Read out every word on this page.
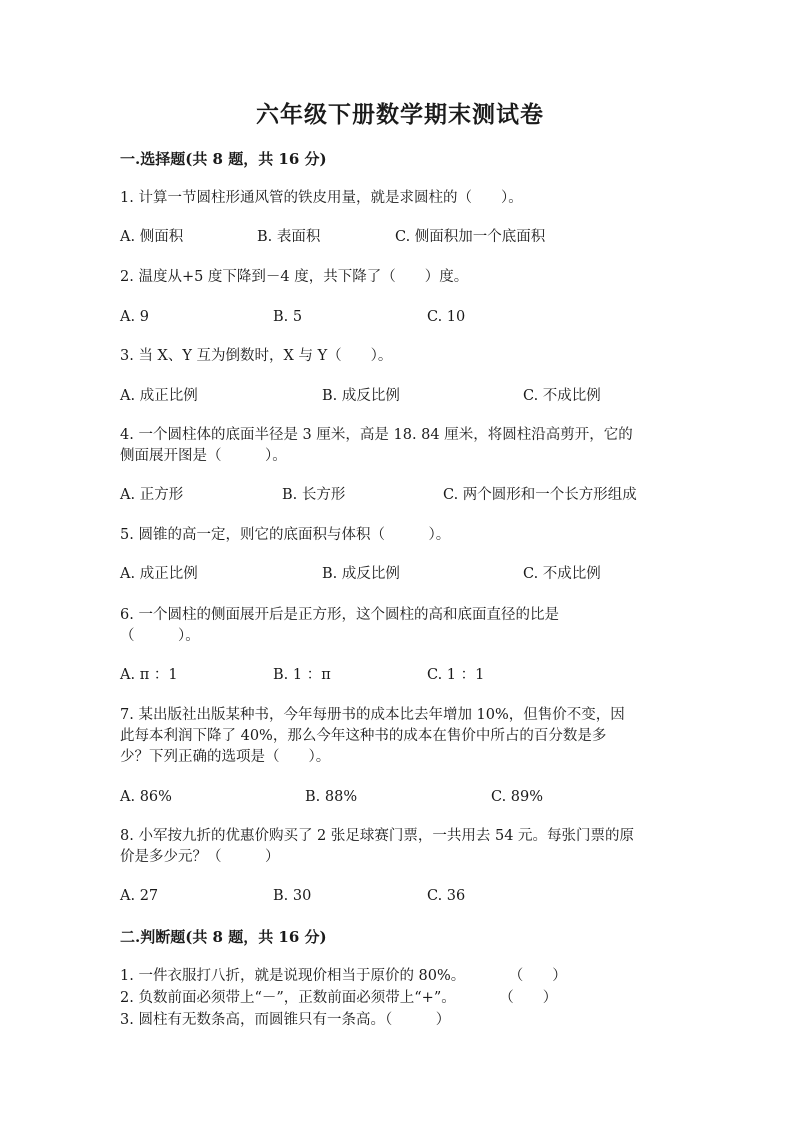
六年级下册数学期末测试卷
一.选择题(共 8 题，共 16 分)
1. 计算一节圆柱形通风管的铁皮用量，就是求圆柱的（　　）。
A. 侧面积	B. 表面积	C. 侧面积加一个底面积
2. 温度从+5 度下降到－4 度，共下降了（　　）度。
A. 9	B. 5	C. 10
3. 当 X、Y 互为倒数时，X 与 Y（　　）。
A. 成正比例	B. 成反比例	C. 不成比例
4. 一个圆柱体的底面半径是 3 厘米，高是 18. 84 厘米，将圆柱沿高剪开，它的
侧面展开图是（　　　）。
A. 正方形	B. 长方形	C. 两个圆形和一个长方形组成
5. 圆锥的高一定，则它的底面积与体积（　　　）。
A. 成正比例	B. 成反比例	C. 不成比例
6. 一个圆柱的侧面展开后是正方形，这个圆柱的高和底面直径的比是
（　　　）。
A. π ：1	B. 1 ：π	C. 1 ：1
7. 某出版社出版某种书，今年每册书的成本比去年增加 10%，但售价不变，因
此每本利润下降了 40%，那么今年这种书的成本在售价中所占的百分数是多
少？下列正确的选项是（　　）。
A. 86%	B. 88%	C. 89%
8. 小军按九折的优惠价购买了 2 张足球赛门票，一共用去 54 元。每张门票的原
价是多少元？（　　　）
A. 27	B. 30	C. 36
二.判断题(共 8 题，共 16 分)
1. 一件衣服打八折，就是说现价相当于原价的 80%。　　　　（　　）
2. 负数前面必须带上“－”，正数前面必须带上“+”。　　　　（　　）
3. 圆柱有无数条高，而圆锥只有一条高。（　　　）
